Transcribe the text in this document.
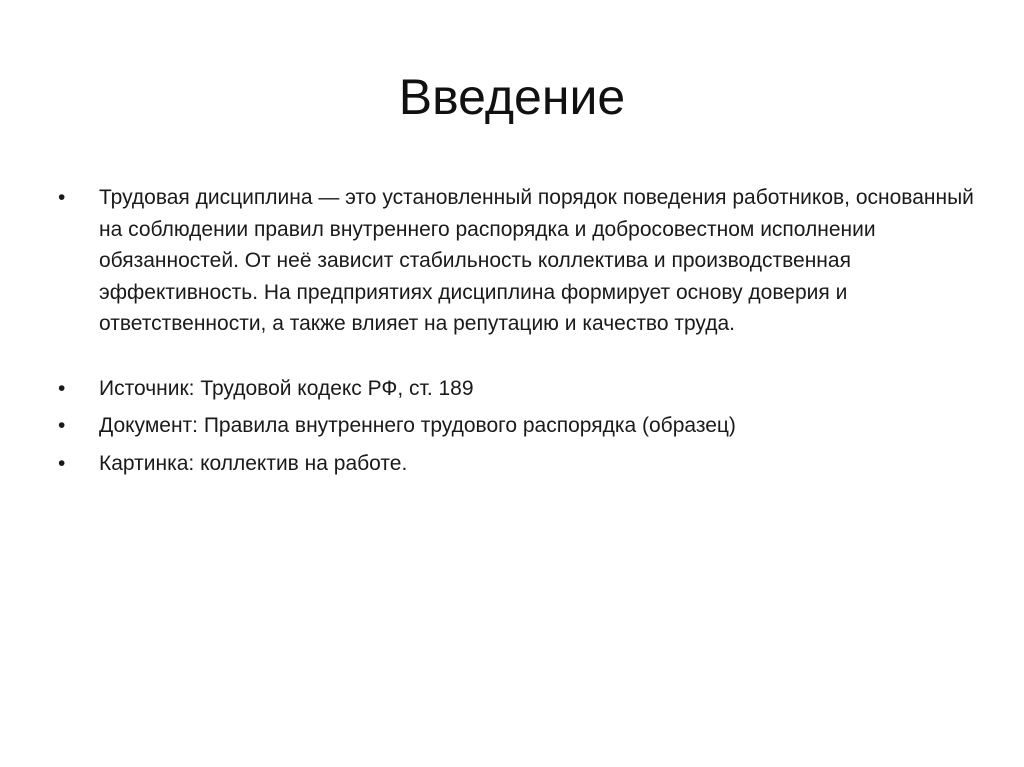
Введение
•	Трудовая дисциплина — это установленный порядок поведения работников, основанный на соблюдении правил внутреннего распорядка и добросовестном исполнении обязанностей. От неё зависит стабильность коллектива и производственная эффективность. На предприятиях дисциплина формирует основу доверия и ответственности, а также влияет на репутацию и качество труда.
•	Источник: Трудовой кодекс РФ, ст. 189
•	Документ: Правила внутреннего трудового распорядка (образец)
•	Картинка: коллектив на работе.
